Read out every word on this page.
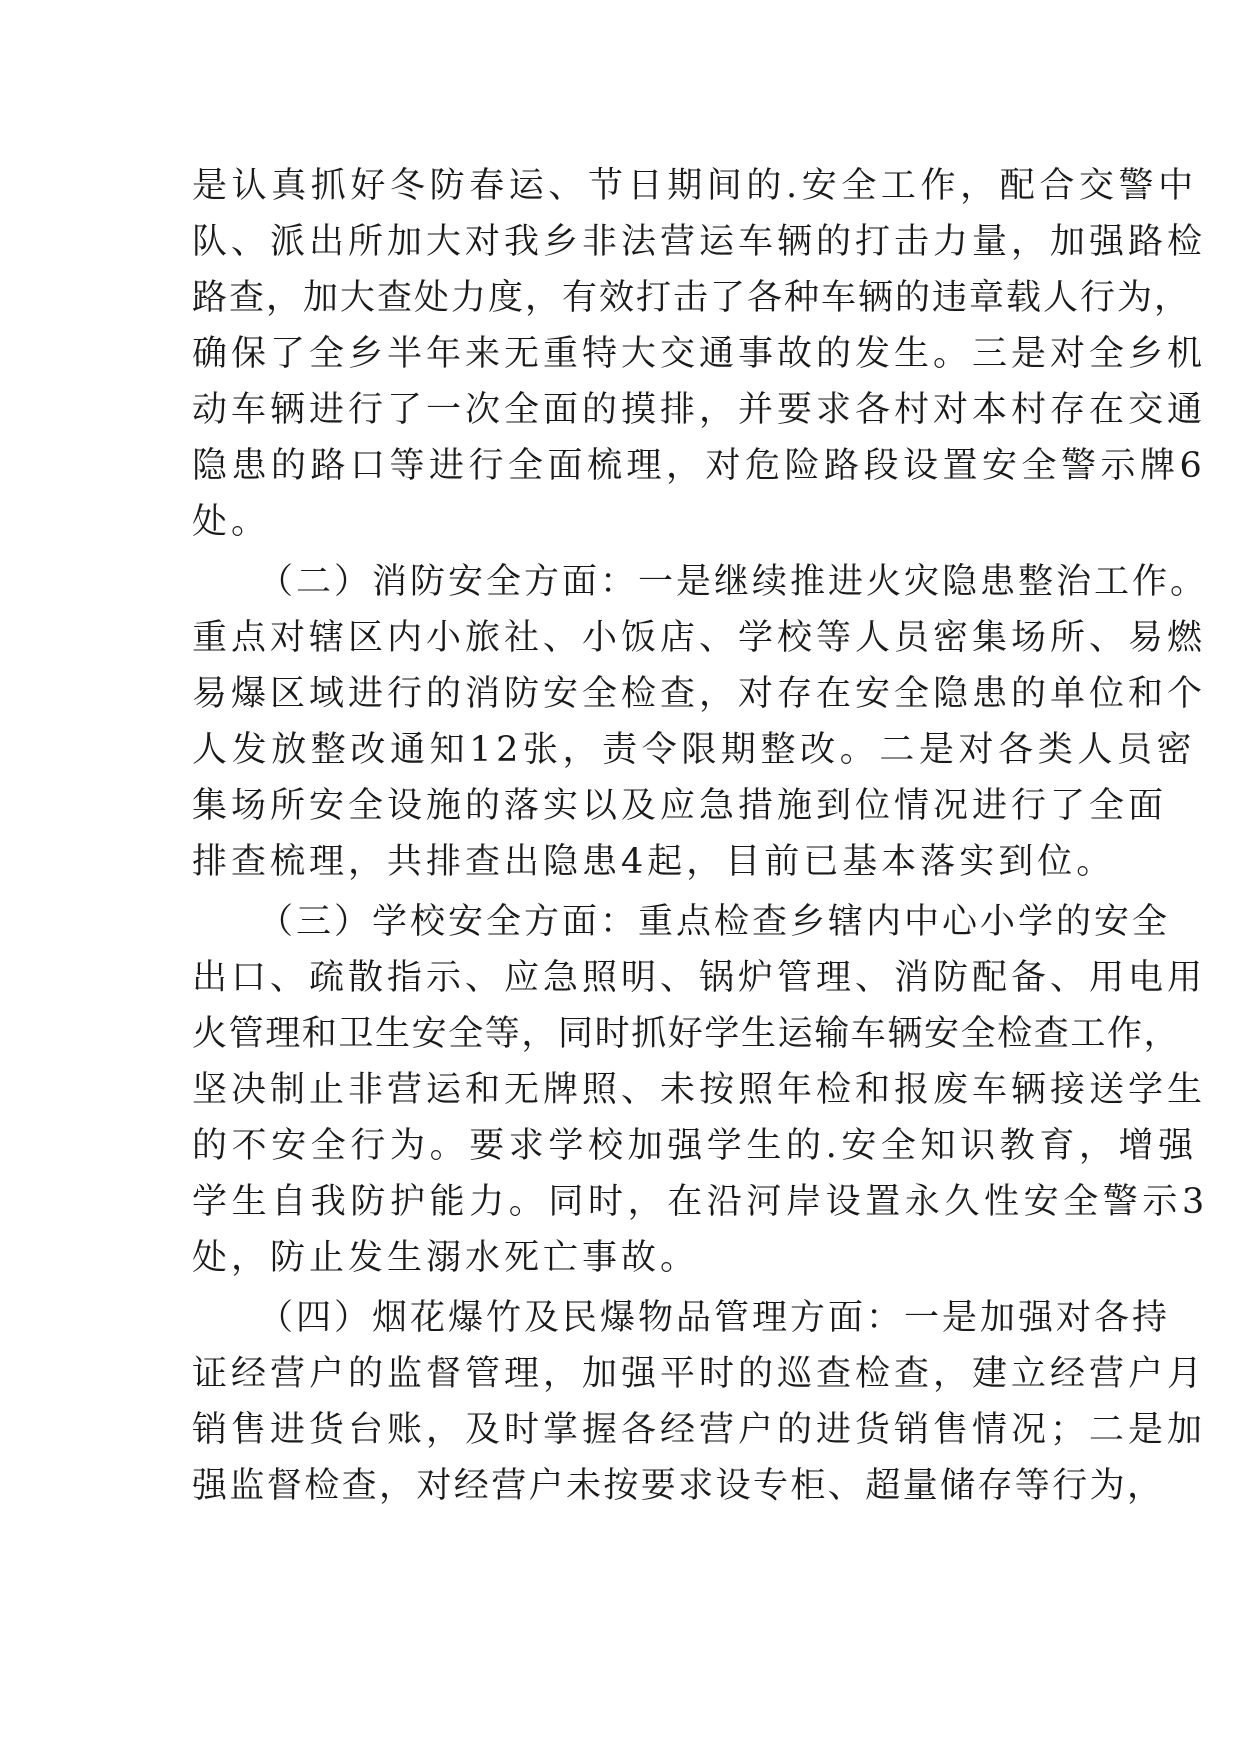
是认真抓好冬防春运、节日期间的.安全工作，配合交警中
队、派出所加大对我乡非法营运车辆的打击力量，加强路检
路查，加大查处力度，有效打击了各种车辆的违章载人行为，
确保了全乡半年来无重特大交通事故的发生。三是对全乡机
动车辆进行了一次全面的摸排，并要求各村对本村存在交通
隐患的路口等进行全面梳理，对危险路段设置安全警示牌6
处。
（二）消防安全方面：一是继续推进火灾隐患整治工作。
重点对辖区内小旅社、小饭店、学校等人员密集场所、易燃
易爆区域进行的消防安全检查，对存在安全隐患的单位和个
人发放整改通知12张，责令限期整改。二是对各类人员密
集场所安全设施的落实以及应急措施到位情况进行了全面
排查梳理，共排查出隐患4起，目前已基本落实到位。
（三）学校安全方面：重点检查乡辖内中心小学的安全
出口、疏散指示、应急照明、锅炉管理、消防配备、用电用
火管理和卫生安全等，同时抓好学生运输车辆安全检查工作，
坚决制止非营运和无牌照、未按照年检和报废车辆接送学生
的不安全行为。要求学校加强学生的.安全知识教育，增强
学生自我防护能力。同时，在沿河岸设置永久性安全警示3
处，防止发生溺水死亡事故。
（四）烟花爆竹及民爆物品管理方面：一是加强对各持
证经营户的监督管理，加强平时的巡查检查，建立经营户月
销售进货台账，及时掌握各经营户的进货销售情况；二是加
强监督检查，对经营户未按要求设专柜、超量储存等行为，
